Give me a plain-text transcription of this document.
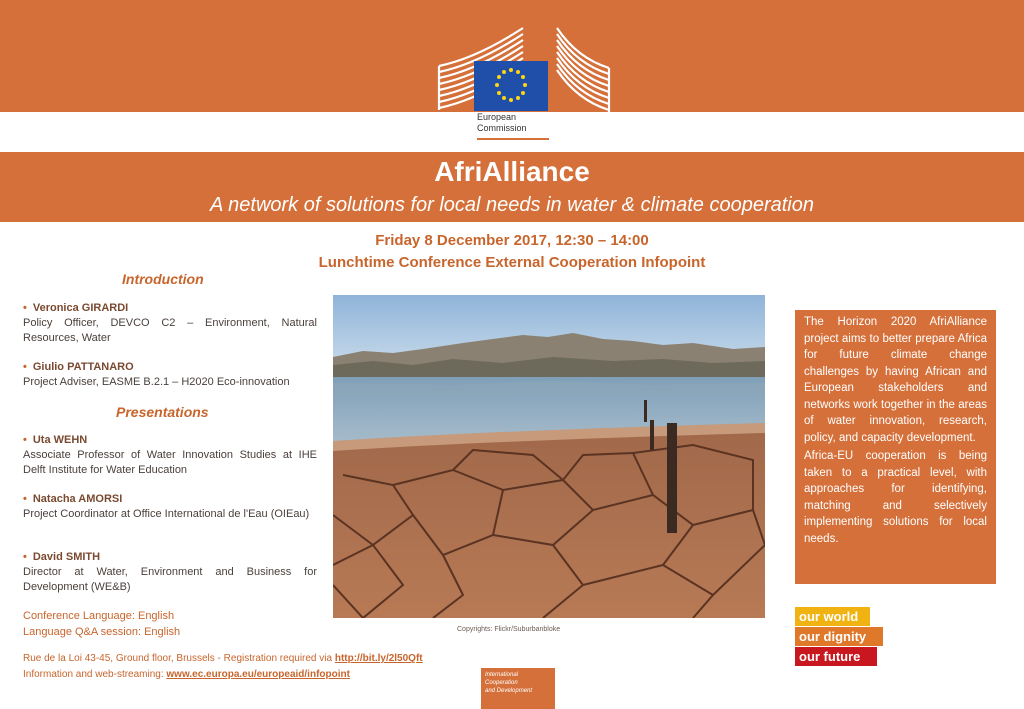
European
Commission
AfriAlliance
A network of solutions for local needs in water & climate cooperation
Friday 8 December 2017, 12:30 – 14:00
Lunchtime Conference External Cooperation Infopoint
Introduction
• Veronica GIRARDI
Policy Officer, DEVCO C2 – Environment, Natural Resources, Water
• Giulio PATTANARO
Project Adviser, EASME B.2.1 – H2020 Eco-innovation
Presentations
• Uta WEHN
Associate Professor of Water Innovation Studies at IHE Delft Institute for Water Education
• Natacha AMORSI
Project Coordinator at Office International de l'Eau (OIEau)
• David SMITH
Director at Water, Environment and Business for Development (WE&B)
Conference Language: English
Language Q&A session: English
Rue de la Loi 43-45, Ground floor, Brussels - Registration required via http://bit.ly/2l50Qft
Information and web-streaming: www.ec.europa.eu/europeaid/infopoint
Copyrights: Flickr/Suburbanbloke

The Horizon 2020 AfriAlliance project aims to better prepare Africa for future climate change challenges by having African and European stakeholders and networks work together in the areas of water innovation, research, policy, and capacity development.

Africa-EU cooperation is being taken to a practical level, with approaches for identifying, matching and selectively implementing solutions for local needs.

our world
our dignity
our future
International
Cooperation
and Development
